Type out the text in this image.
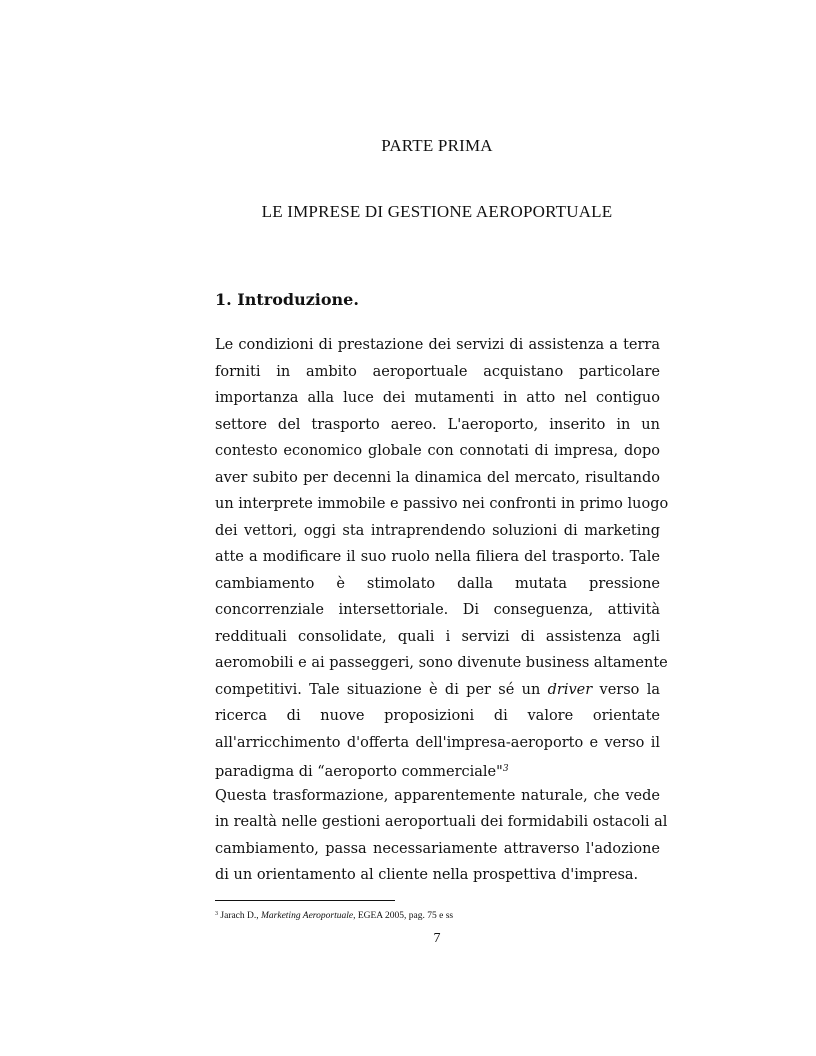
PARTE PRIMA
LE IMPRESE DI GESTIONE AEROPORTUALE
1. Introduzione.
Le condizioni di prestazione dei servizi di assistenza a terra
forniti in ambito aeroportuale acquistano particolare
importanza alla luce dei mutamenti in atto nel contiguo
settore del trasporto aereo. L'aeroporto, inserito in un
contesto economico globale con connotati di impresa, dopo
aver subito per decenni la dinamica del mercato, risultando
un interprete immobile e passivo nei confronti in primo luogo
dei vettori, oggi sta intraprendendo soluzioni di marketing
atte a modificare il suo ruolo nella filiera del trasporto. Tale
cambiamento è stimolato dalla mutata pressione
concorrenziale intersettoriale. Di conseguenza, attività
reddituali consolidate, quali i servizi di assistenza agli
aeromobili e ai passeggeri, sono divenute business altamente
competitivi. Tale situazione è di per sé un driver verso la
ricerca di nuove proposizioni di valore orientate
all'arricchimento d'offerta dell'impresa-aeroporto e verso il
paradigma di “aeroporto commerciale"$^3$
Questa trasformazione, apparentemente naturale, che vede
in realtà nelle gestioni aeroportuali dei formidabili ostacoli al
cambiamento, passa necessariamente attraverso l'adozione
di un orientamento al cliente nella prospettiva d'impresa.
$^3$ Jarach D., Marketing Aeroportuale, EGEA 2005, pag. 75 e ss
7
